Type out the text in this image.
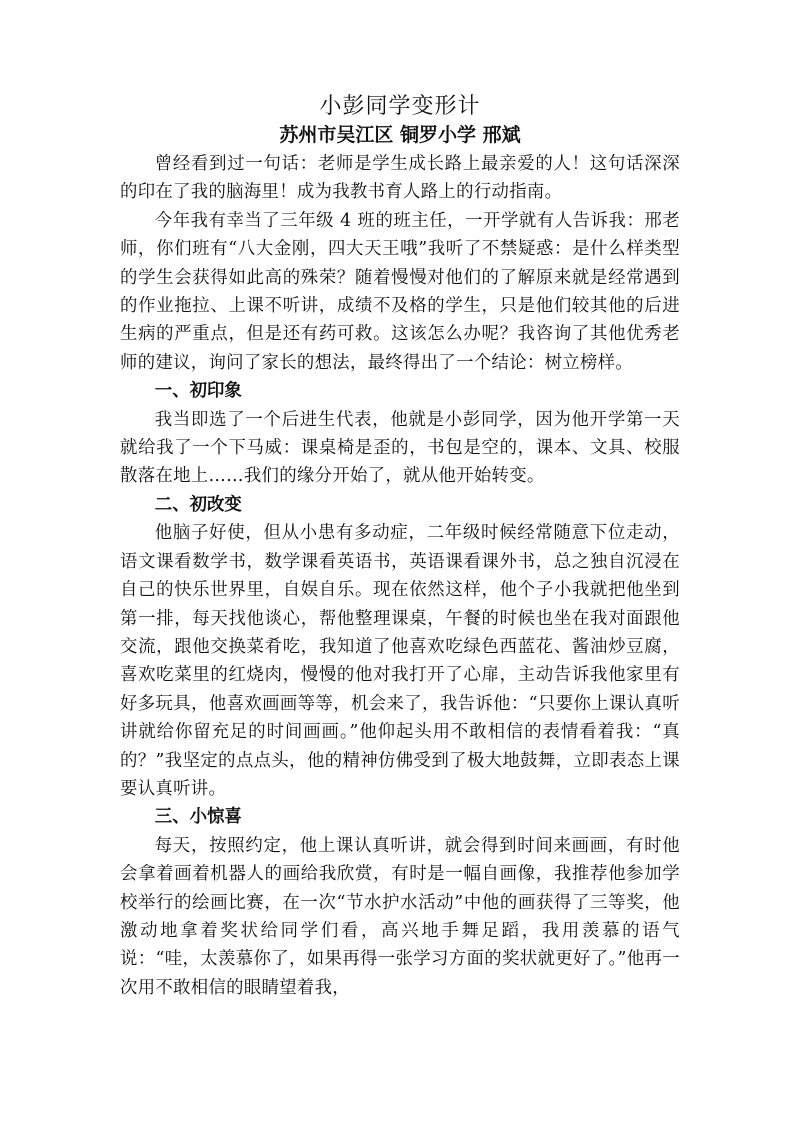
小彭同学变形计
苏州市吴江区 铜罗小学 邢斌

曾经看到过一句话：老师是学生成长路上最亲爱的人！这句话深深的印在了我的脑海里！成为我教书育人路上的行动指南。

今年我有幸当了三年级 4 班的班主任，一开学就有人告诉我：邢老师，你们班有“八大金刚，四大天王哦”我听了不禁疑惑：是什么样类型的学生会获得如此高的殊荣？随着慢慢对他们的了解原来就是经常遇到的作业拖拉、上课不听讲，成绩不及格的学生，只是他们较其他的后进生病的严重点，但是还有药可救。这该怎么办呢？我咨询了其他优秀老师的建议，询问了家长的想法，最终得出了一个结论：树立榜样。

一、初印象

我当即选了一个后进生代表，他就是小彭同学，因为他开学第一天就给我了一个下马威：课桌椅是歪的，书包是空的，课本、文具、校服散落在地上……我们的缘分开始了，就从他开始转变。

二、初改变

他脑子好使，但从小患有多动症，二年级时候经常随意下位走动，语文课看数学书，数学课看英语书，英语课看课外书，总之独自沉浸在自己的快乐世界里，自娱自乐。现在依然这样，他个子小我就把他坐到第一排，每天找他谈心，帮他整理课桌，午餐的时候也坐在我对面跟他交流，跟他交换菜肴吃，我知道了他喜欢吃绿色西蓝花、酱油炒豆腐，喜欢吃菜里的红烧肉，慢慢的他对我打开了心扉，主动告诉我他家里有好多玩具，他喜欢画画等等，机会来了，我告诉他：“只要你上课认真听讲就给你留充足的时间画画。”他仰起头用不敢相信的表情看着我：“真的？”我坚定的点点头，他的精神仿佛受到了极大地鼓舞，立即表态上课要认真听讲。

三、小惊喜

每天，按照约定，他上课认真听讲，就会得到时间来画画，有时他会拿着画着机器人的画给我欣赏，有时是一幅自画像，我推荐他参加学校举行的绘画比赛，在一次“节水护水活动”中他的画获得了三等奖，他激动地拿着奖状给同学们看，高兴地手舞足蹈，我用羡慕的语气说：“哇，太羡慕你了，如果再得一张学习方面的奖状就更好了。”他再一次用不敢相信的眼睛望着我，
